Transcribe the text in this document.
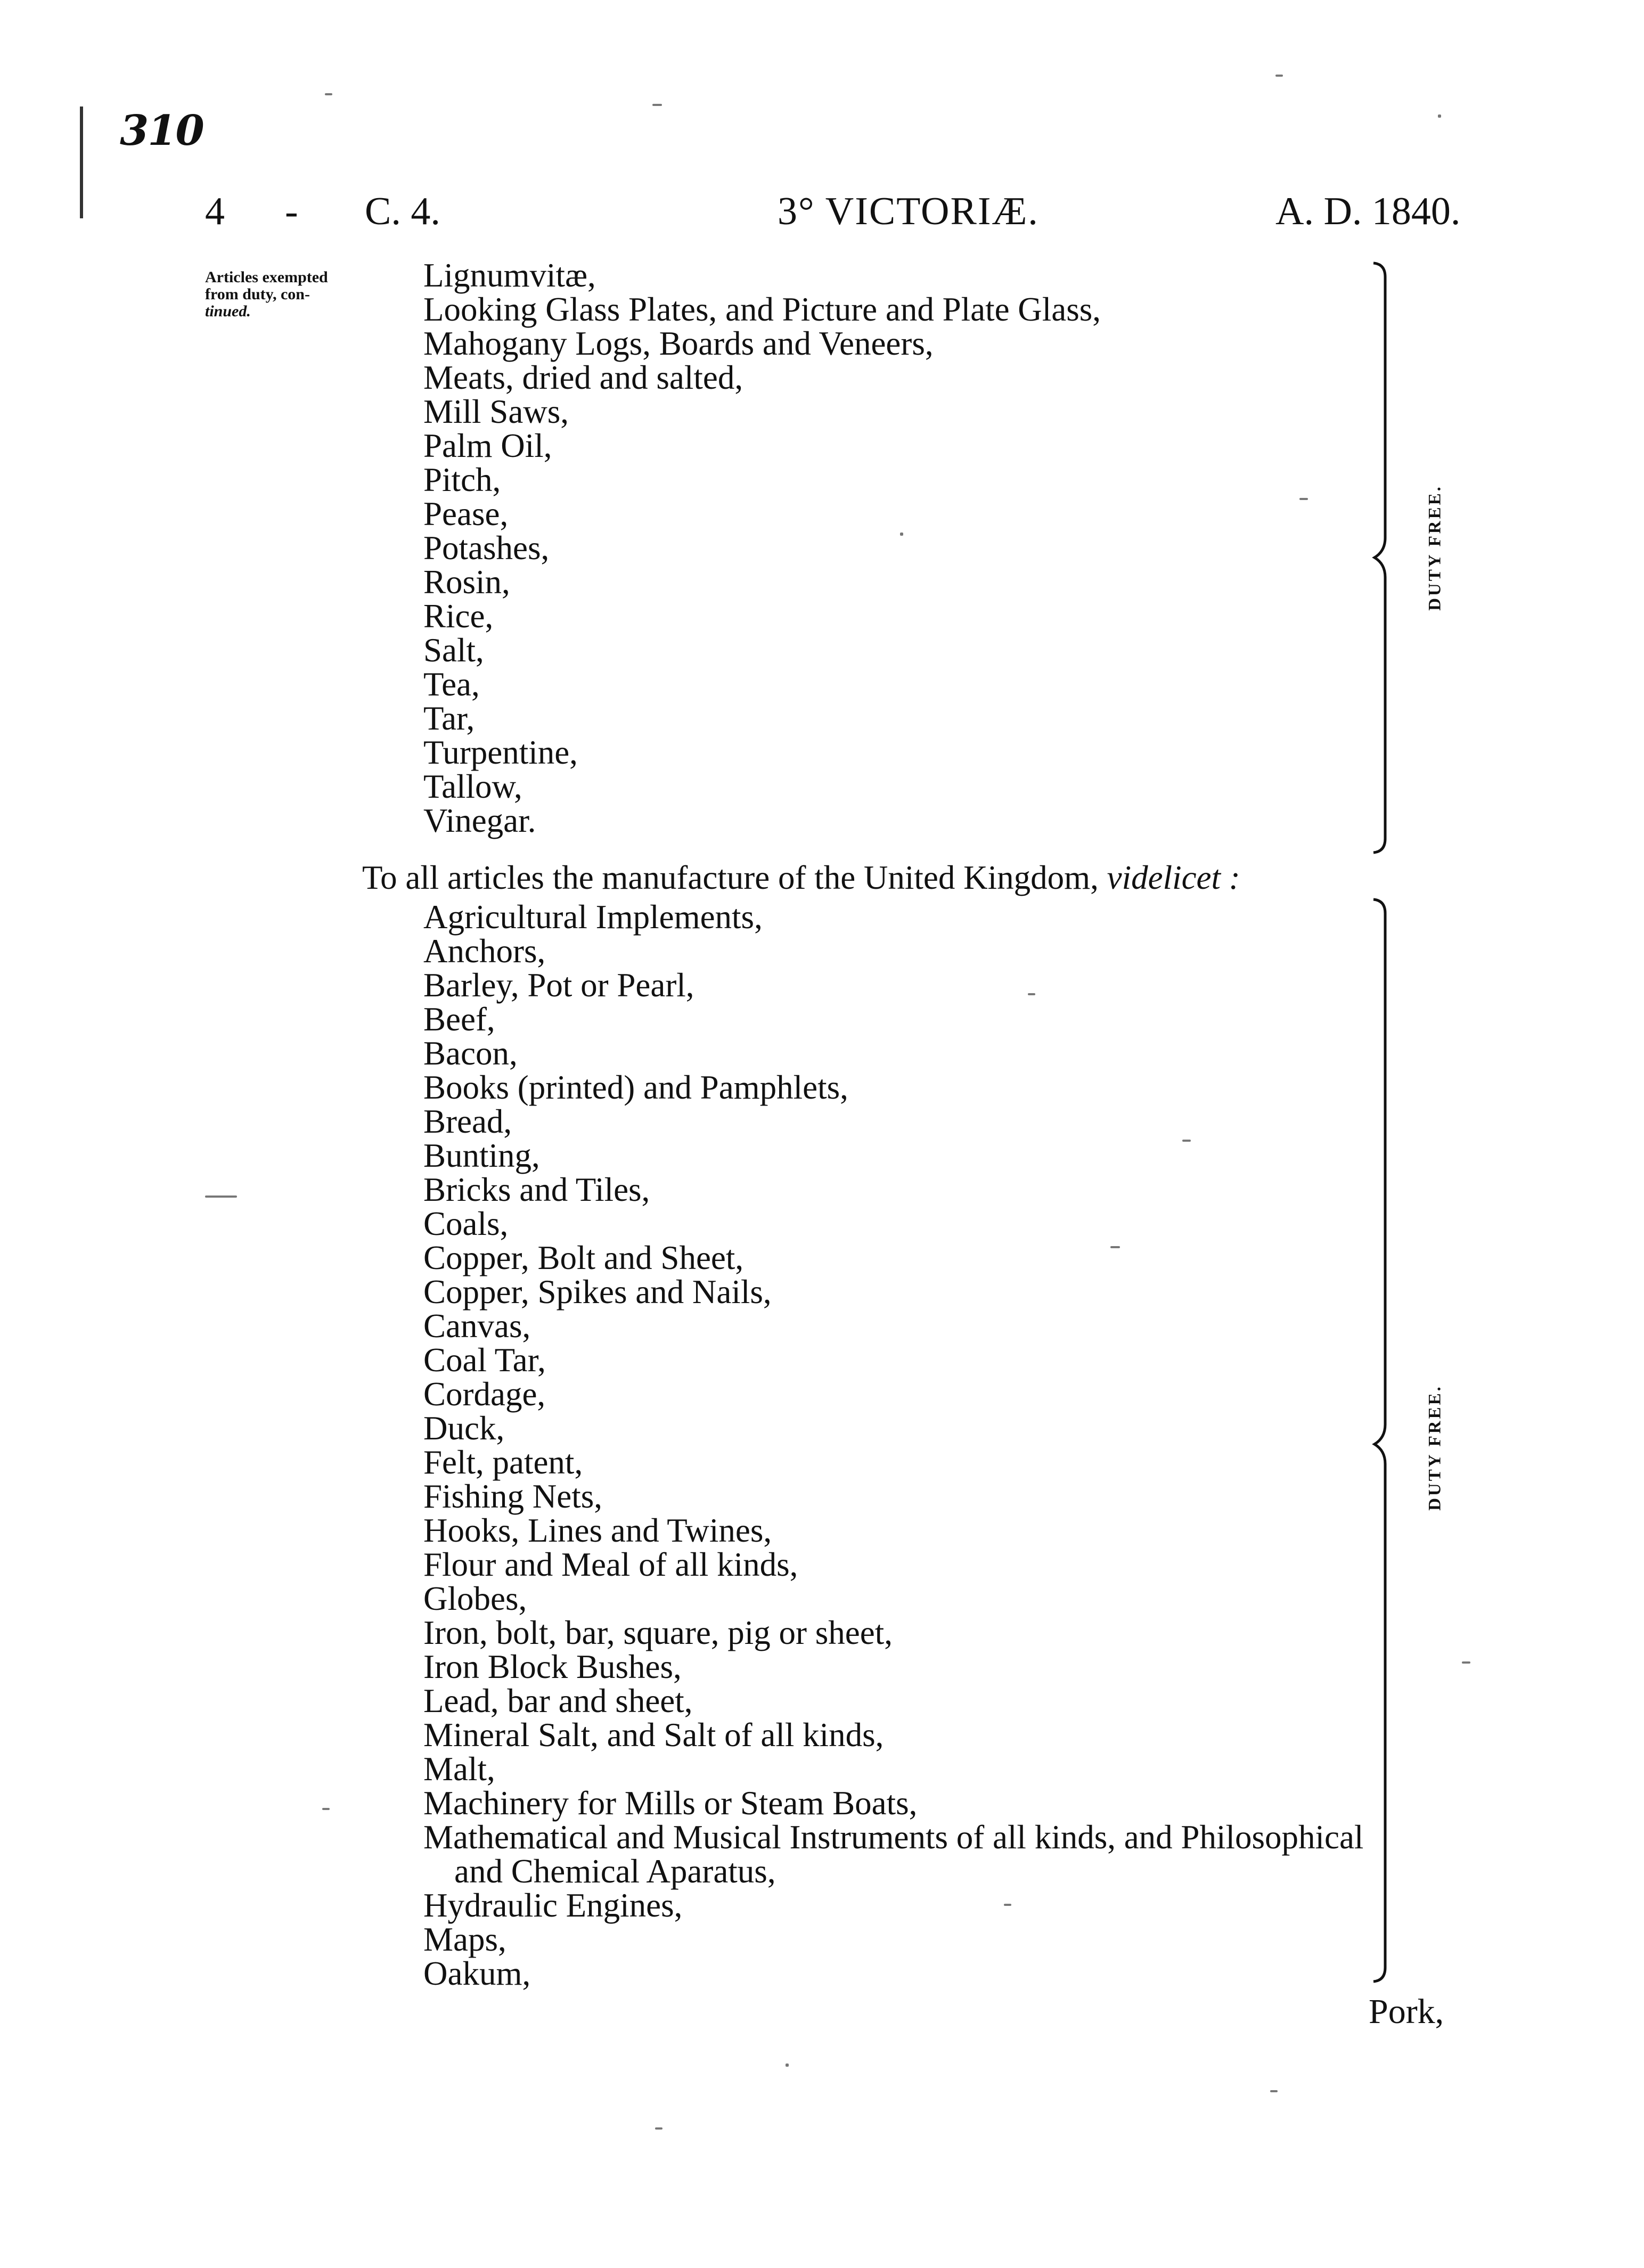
310
4 - C. 4.	3° VICTORIÆ.	A. D. 1840.
Articles exempted
from duty, con-
tinued.
Lignumvitæ,
Looking Glass Plates, and Picture and Plate Glass,
Mahogany Logs, Boards and Veneers,
Meats, dried and salted,
Mill Saws,
Palm Oil,
Pitch,
Pease,
Potashes,
Rosin,
Rice,
Salt,
Tea,
Tar,
Turpentine,
Tallow,
Vinegar.
DUTY FREE.
To all articles the manufacture of the United Kingdom, videlicet :
Agricultural Implements,
Anchors,
Barley, Pot or Pearl,
Beef,
Bacon,
Books (printed) and Pamphlets,
Bread,
Bunting,
Bricks and Tiles,
Coals,
Copper, Bolt and Sheet,
Copper, Spikes and Nails,
Canvas,
Coal Tar,
Cordage,
Duck,
Felt, patent,
Fishing Nets,
Hooks, Lines and Twines,
Flour and Meal of all kinds,
Globes,
Iron, bolt, bar, square, pig or sheet,
Iron Block Bushes,
Lead, bar and sheet,
Mineral Salt, and Salt of all kinds,
Malt,
Machinery for Mills or Steam Boats,
Mathematical and Musical Instruments of all kinds, and Philosophical
and Chemical Aparatus,
Hydraulic Engines,
Maps,
Oakum,
DUTY FREE.
Pork,
